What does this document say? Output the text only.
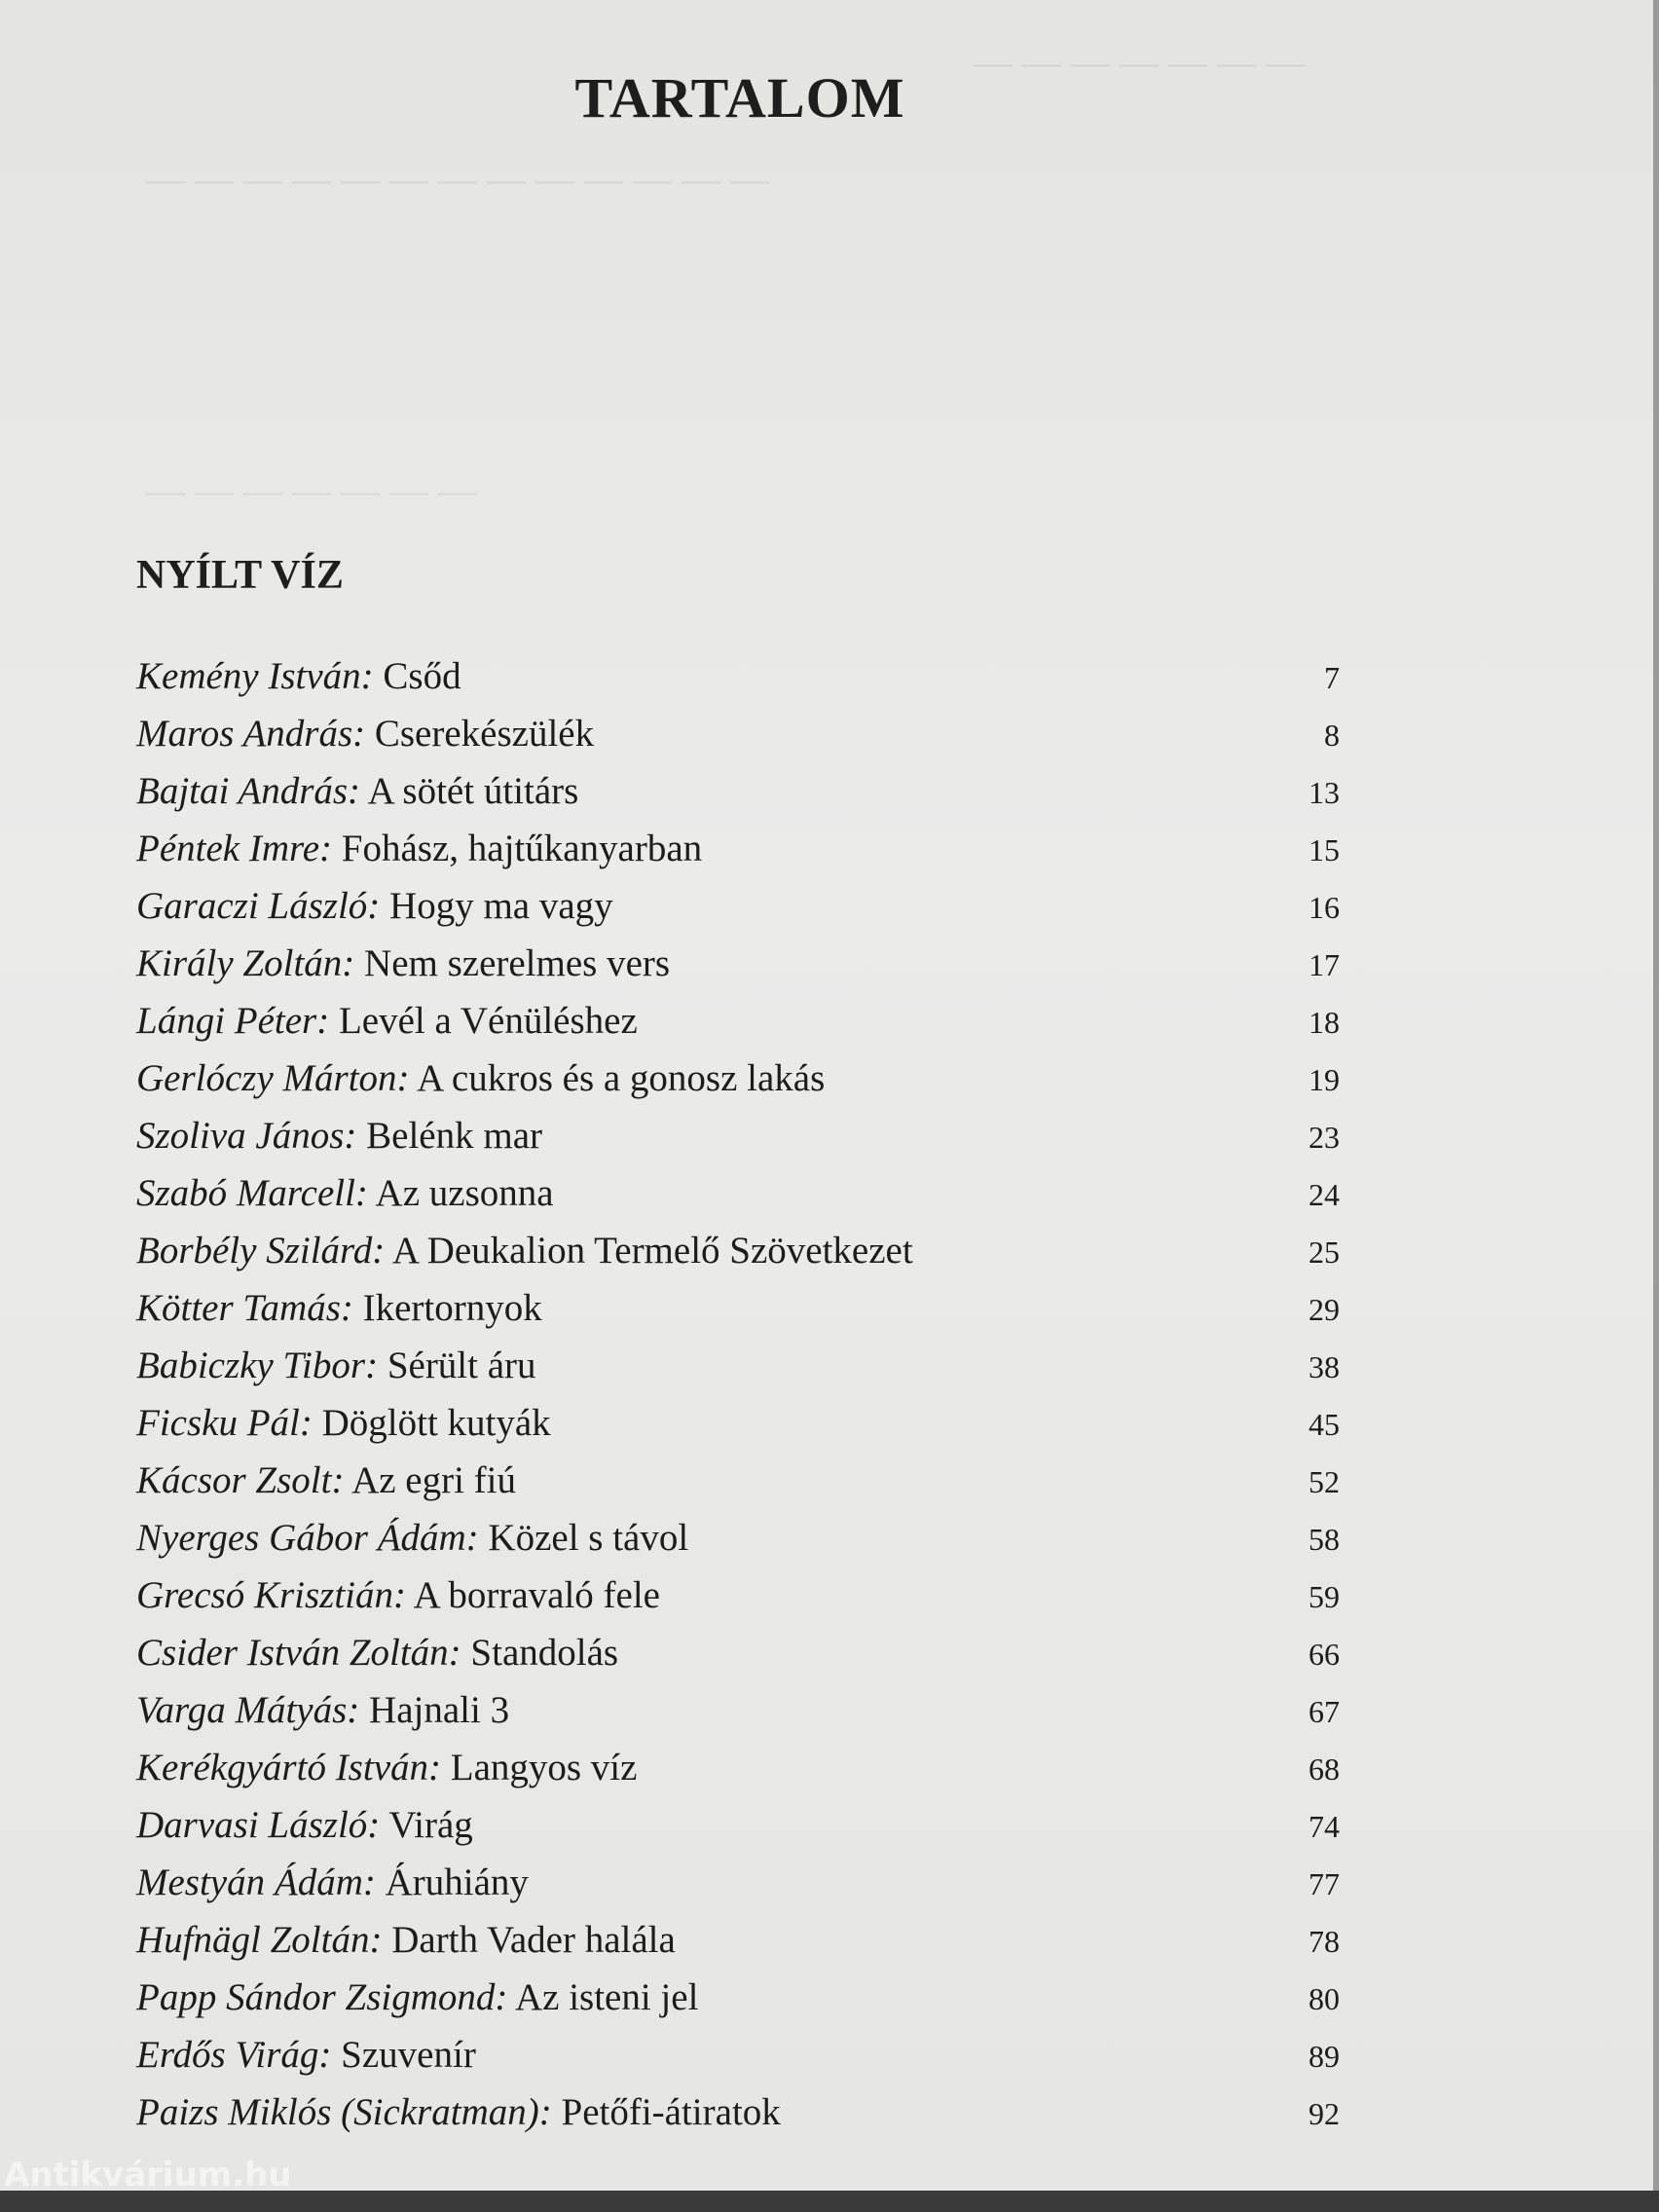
— — — — — — —
— — — — — — — — — — — — —
— — — — — — —
TARTALOM
NYÍLT VÍZ
Kemény István: Csőd	7
Maros András: Cserekészülék	8
Bajtai András: A sötét útitárs	13
Péntek Imre: Fohász, hajtűkanyarban	15
Garaczi László: Hogy ma vagy	16
Király Zoltán: Nem szerelmes vers	17
Lángi Péter: Levél a Vénüléshez	18
Gerlóczy Márton: A cukros és a gonosz lakás	19
Szoliva János: Belénk mar	23
Szabó Marcell: Az uzsonna	24
Borbély Szilárd: A Deukalion Termelő Szövetkezet	25
Kötter Tamás: Ikertornyok	29
Babiczky Tibor: Sérült áru	38
Ficsku Pál: Döglött kutyák	45
Kácsor Zsolt: Az egri fiú	52
Nyerges Gábor Ádám: Közel s távol	58
Grecsó Krisztián: A borravaló fele	59
Csider István Zoltán: Standolás	66
Varga Mátyás: Hajnali 3	67
Kerékgyártó István: Langyos víz	68
Darvasi László: Virág	74
Mestyán Ádám: Áruhiány	77
Hufnägl Zoltán: Darth Vader halála	78
Papp Sándor Zsigmond: Az isteni jel	80
Erdős Virág: Szuvenír	89
Paizs Miklós (Sickratman): Petőfi-átiratok	92
Antikvárium.hu
